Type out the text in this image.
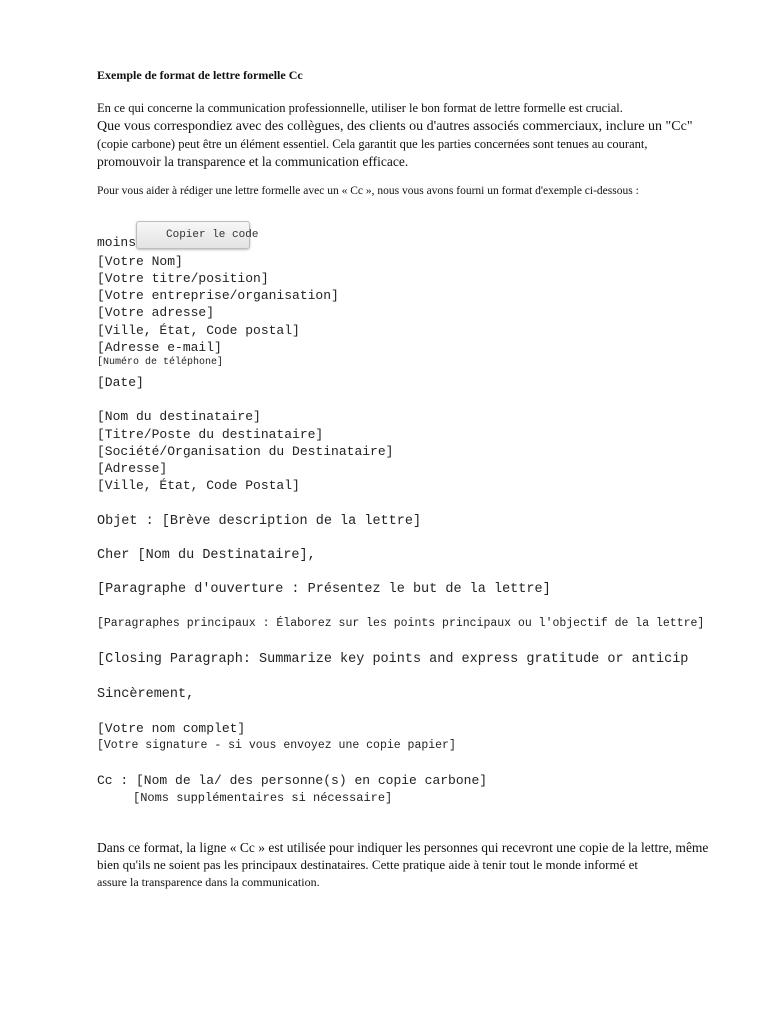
Exemple de format de lettre formelle Cc
En ce qui concerne la communication professionnelle, utiliser le bon format de lettre formelle est crucial.
Que vous correspondiez avec des collègues, des clients ou d'autres associés commerciaux, inclure un "Cc"
(copie carbone) peut être un élément essentiel. Cela garantit que les parties concernées sont tenues au courant,
promouvoir la transparence et la communication efficace.
Pour vous aider à rédiger une lettre formelle avec un « Cc », nous vous avons fourni un format d'exemple ci-dessous :
moins	Copier le code
[Votre Nom]
[Votre titre/position]
[Votre entreprise/organisation]
[Votre adresse]
[Ville, État, Code postal]
[Adresse e-mail]
[Numéro de téléphone]
[Date]
[Nom du destinataire]
[Titre/Poste du destinataire]
[Société/Organisation du Destinataire]
[Adresse]
[Ville, État, Code Postal]
Objet : [Brève description de la lettre]
Cher [Nom du Destinataire],
[Paragraphe d'ouverture : Présentez le but de la lettre]
[Paragraphes principaux : Élaborez sur les points principaux ou l'objectif de la lettre]
[Closing Paragraph: Summarize key points and express gratitude or anticip
Sincèrement,
[Votre nom complet]
[Votre signature - si vous envoyez une copie papier]
Cc : [Nom de la/ des personne(s) en copie carbone]
[Noms supplémentaires si nécessaire]
Dans ce format, la ligne « Cc » est utilisée pour indiquer les personnes qui recevront une copie de la lettre, même
bien qu'ils ne soient pas les principaux destinataires. Cette pratique aide à tenir tout le monde informé et
assure la transparence dans la communication.
